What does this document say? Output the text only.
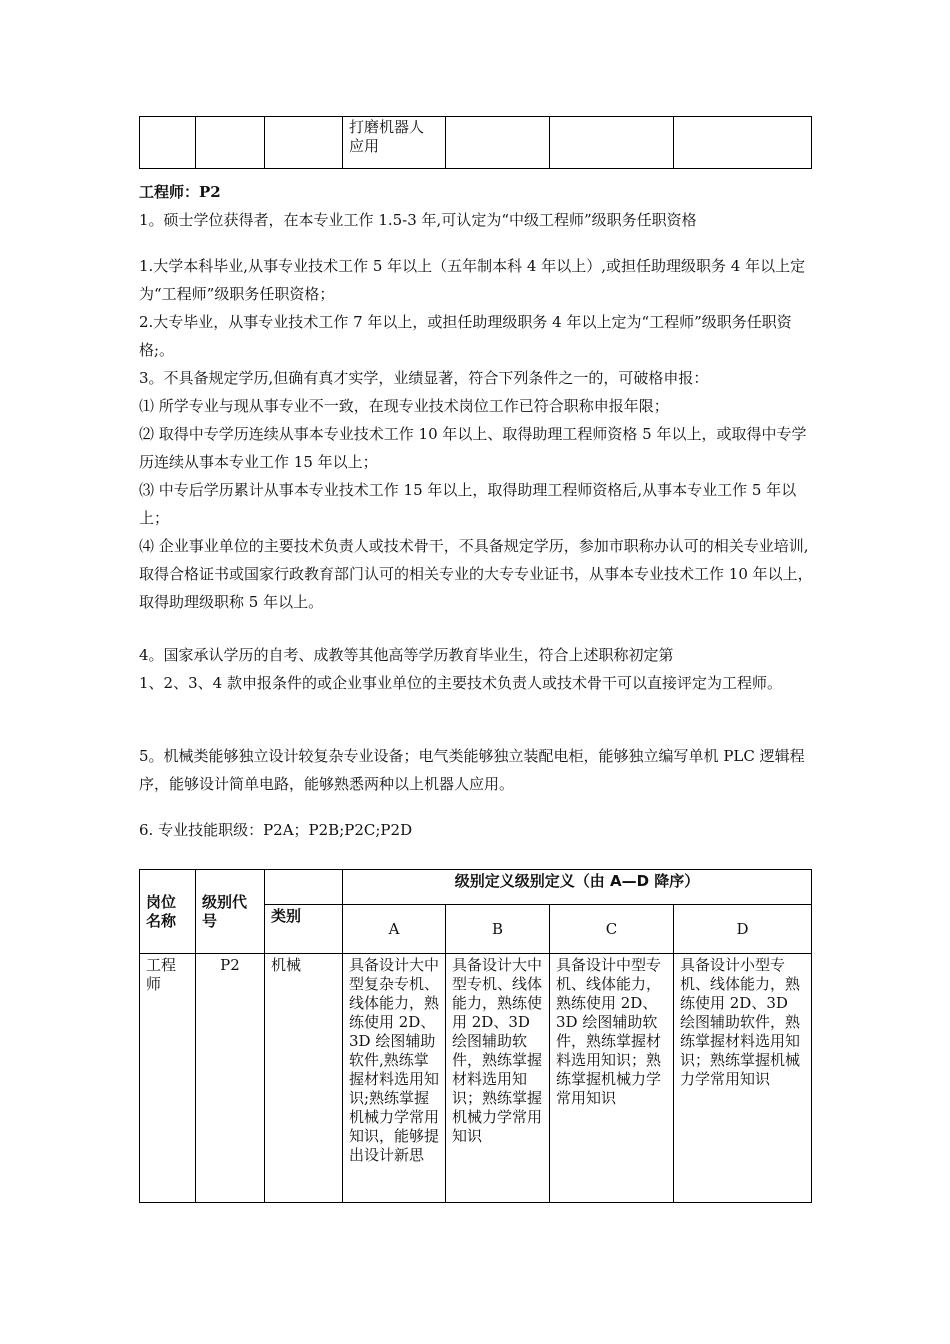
			打磨机器人
应用			

工程师：P2

1。硕士学位获得者，在本专业工作 1.5-3 年,可认定为“中级工程师”级职务任职资格

1.大学本科毕业,从事专业技术工作 5 年以上（五年制本科 4 年以上）,或担任助理级职务 4 年以上定为“工程师”级职务任职资格；

2.大专毕业，从事专业技术工作 7 年以上，或担任助理级职务 4 年以上定为“工程师”级职务任职资格;。

3。不具备规定学历,但确有真才实学，业绩显著，符合下列条件之一的，可破格申报：

⑴ 所学专业与现从事专业不一致，在现专业技术岗位工作已符合职称申报年限；

⑵ 取得中专学历连续从事本专业技术工作 10 年以上、取得助理工程师资格 5 年以上，或取得中专学历连续从事本专业工作 15 年以上；

⑶ 中专后学历累计从事本专业技术工作 15 年以上，取得助理工程师资格后,从事本专业工作 5 年以上；

⑷ 企业事业单位的主要技术负责人或技术骨干，不具备规定学历，参加市职称办认可的相关专业培训,取得合格证书或国家行政教育部门认可的相关专业的大专专业证书，从事本专业技术工作 10 年以上，取得助理级职称 5 年以上。

4。国家承认学历的自考、成教等其他高等学历教育毕业生，符合上述职称初定第

1、2、3、4 款申报条件的或企业事业单位的主要技术负责人或技术骨干可以直接评定为工程师。

5。机械类能够独立设计较复杂专业设备；电气类能够独立装配电柜，能够独立编写单机 PLC 逻辑程序，能够设计简单电路，能够熟悉两种以上机器人应用。

6. 专业技能职级：P2A；P2B;P2C;P2D

岗位名称	级别代号		级别定义级别定义（由 A—D 降序）			
		类别	A	B	C	D
工程师	P2	机械	具备设计大中型复杂专机、线体能力，熟练使用 2D、3D 绘图辅助软件,熟练掌握材料选用知识;熟练掌握机械力学常用知识，能够提出设计新思	具备设计大中型专机、线体能力，熟练使用 2D、3D 绘图辅助软件，熟练掌握材料选用知识；熟练掌握机械力学常用知识	具备设计中型专机、线体能力，熟练使用 2D、3D 绘图辅助软件，熟练掌握材料选用知识；熟练掌握机械力学常用知识	具备设计小型专机、线体能力，熟练使用 2D、3D 绘图辅助软件，熟练掌握材料选用知识；熟练掌握机械力学常用知识
